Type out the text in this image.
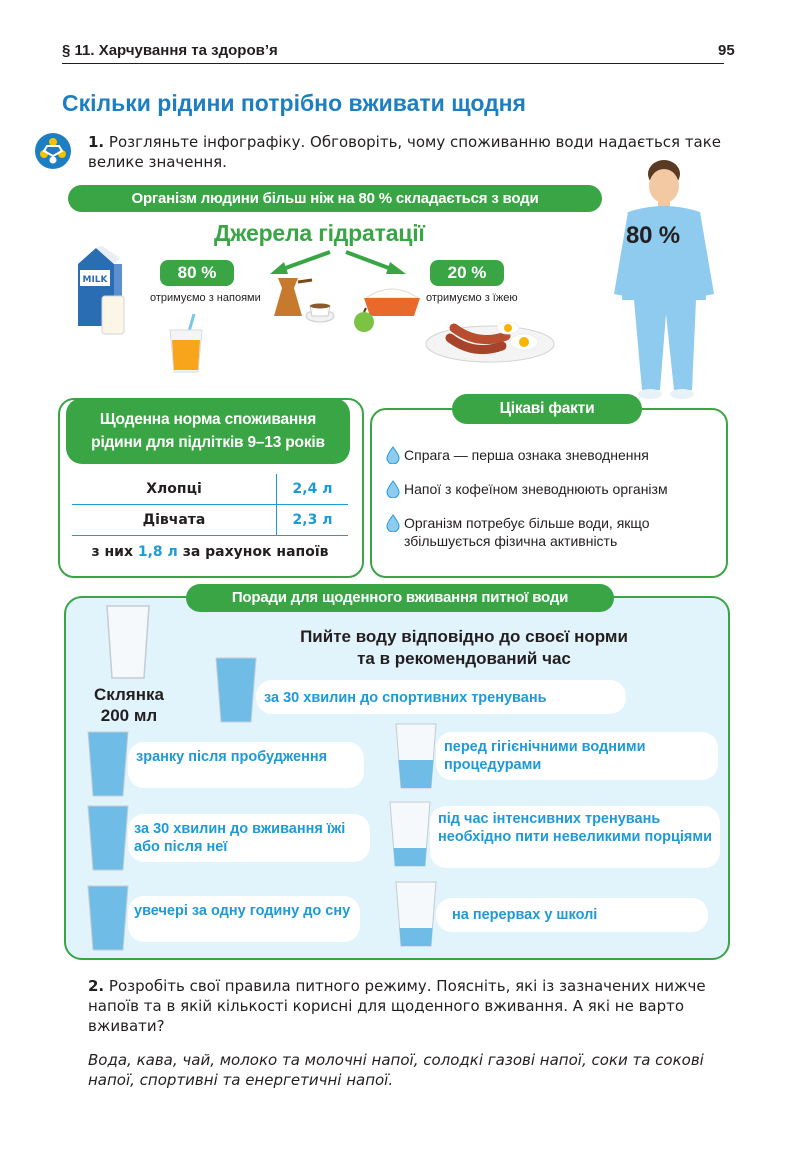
§ 11. Харчування та здоров’я	95
Скільки рідини потрібно вживати щодня
1. Розгляньте інфографіку. Обговоріть, чому споживанню води надається таке велике значення.
Організм людини більш ніж на 80 % складається з води
Джерела гідратації
MILK	80 %
отримуємо з напоями
20 %
отримуємо з їжею
80 %
Щоденна норма споживання
рідини для підлітків 9–13 років
Хлопці	2,4 л
Дівчата	2,3 л
з них 1,8 л за рахунок напоїв
Цікаві факти
Спрага — перша ознака зневоднення
Напої з кофеїном зневоднюють організм
Організм потребує більше води, якщо збільшується фізична активність
Поради для щоденного вживання питної води
Пийте воду відповідно до своєї норми
та в рекомендований час
Склянка
200 мл
за 30 хвилин до спортивних тренувань
зранку після пробудження
перед гігієнічними водними процедурами
за 30 хвилин до вживання їжі або після неї
під час інтенсивних тренувань необхідно пити невеликими порціями
увечері за одну годину до сну	на перервах у школі
2. Розробіть свої правила питного режиму. Поясніть, які із зазначених нижче напоїв та в якій кількості корисні для щоденного вживання. А які не варто вживати?
Вода, кава, чай, молоко та молочні напої, солодкі газові напої, соки та сокові напої, спортивні та енергетичні напої.
